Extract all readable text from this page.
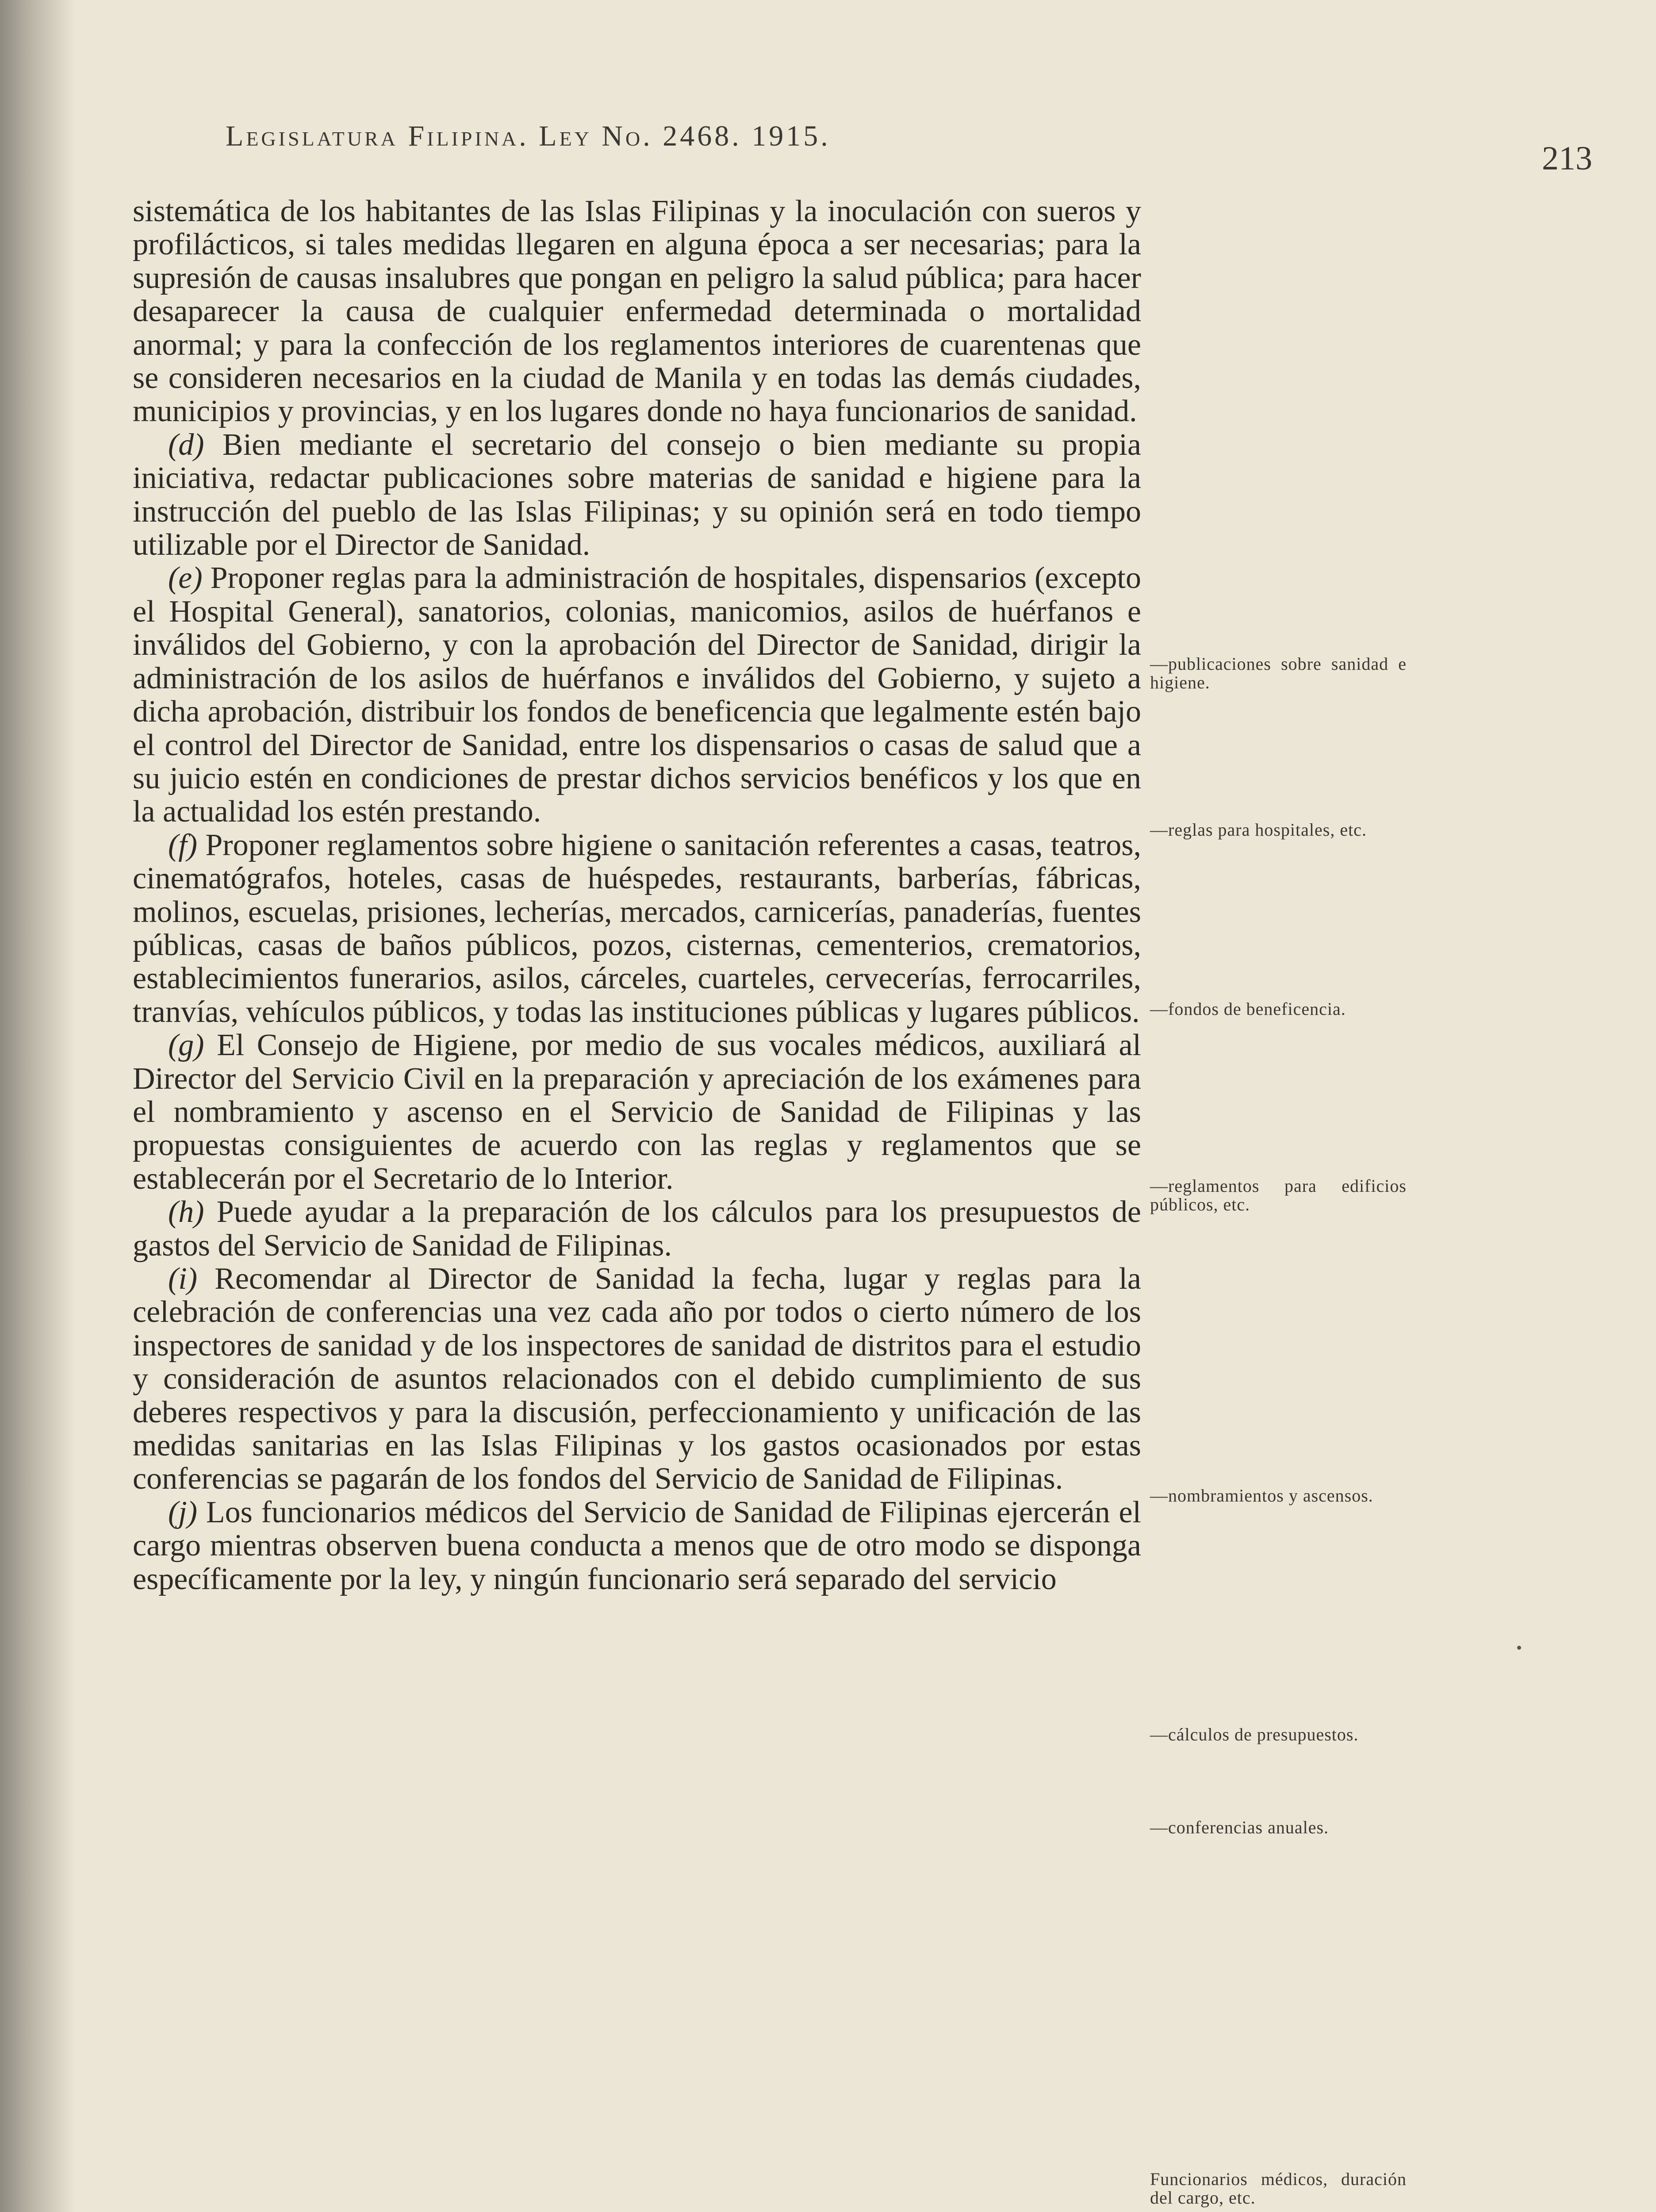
Legislatura Filipina. Ley No. 2468. 1915.
213

sistemática de los habitantes de las Islas Filipinas y la inoculación con sueros y profilácticos, si tales medidas llegaren en alguna época a ser necesarias; para la supresión de causas insalubres que pongan en peligro la salud pública; para hacer desaparecer la causa de cualquier enfermedad determinada o mortalidad anormal; y para la confección de los reglamentos interiores de cuarentenas que se consideren necesarios en la ciudad de Manila y en todas las demás ciudades, municipios y provincias, y en los lugares donde no haya funcionarios de sanidad.

(d) Bien mediante el secretario del consejo o bien mediante su propia iniciativa, redactar publicaciones sobre materias de sanidad e higiene para la instrucción del pueblo de las Islas Filipinas; y su opinión será en todo tiempo utilizable por el Director de Sanidad.

(e) Proponer reglas para la administración de hospitales, dispensarios (excepto el Hospital General), sanatorios, colonias, manicomios, asilos de huérfanos e inválidos del Gobierno, y con la aprobación del Director de Sanidad, dirigir la administración de los asilos de huérfanos e inválidos del Gobierno, y sujeto a dicha aprobación, distribuir los fondos de beneficencia que legalmente estén bajo el control del Director de Sanidad, entre los dispensarios o casas de salud que a su juicio estén en condiciones de prestar dichos servicios benéficos y los que en la actualidad los estén prestando.

(f) Proponer reglamentos sobre higiene o sanitación referentes a casas, teatros, cinematógrafos, hoteles, casas de huéspedes, restaurants, barberías, fábricas, molinos, escuelas, prisiones, lecherías, mercados, carnicerías, panaderías, fuentes públicas, casas de baños públicos, pozos, cisternas, cementerios, crematorios, establecimientos funerarios, asilos, cárceles, cuarteles, cervecerías, ferrocarriles, tranvías, vehículos públicos, y todas las instituciones públicas y lugares públicos.

(g) El Consejo de Higiene, por medio de sus vocales médicos, auxiliará al Director del Servicio Civil en la preparación y apreciación de los exámenes para el nombramiento y ascenso en el Servicio de Sanidad de Filipinas y las propuestas consiguientes de acuerdo con las reglas y reglamentos que se establecerán por el Secretario de lo Interior.

(h) Puede ayudar a la preparación de los cálculos para los presupuestos de gastos del Servicio de Sanidad de Filipinas.

(i) Recomendar al Director de Sanidad la fecha, lugar y reglas para la celebración de conferencias una vez cada año por todos o cierto número de los inspectores de sanidad y de los inspectores de sanidad de distritos para el estudio y consideración de asuntos relacionados con el debido cumplimiento de sus deberes respectivos y para la discusión, perfeccionamiento y unificación de las medidas sanitarias en las Islas Filipinas y los gastos ocasionados por estas conferencias se pagarán de los fondos del Servicio de Sanidad de Filipinas.

(j) Los funcionarios médicos del Servicio de Sanidad de Filipinas ejercerán el cargo mientras observen buena conducta a menos que de otro modo se disponga específicamente por la ley, y ningún funcionario será separado del servicio

—publicaciones sobre sanidad e higiene.
—reglas para hospitales, etc.
—fondos de beneficencia.
—reglamentos para edificios públicos, etc.
—nombramientos y ascensos.
—cálculos de presupuestos.
—conferencias anuales.
Funcionarios médicos, duración del cargo, etc.
